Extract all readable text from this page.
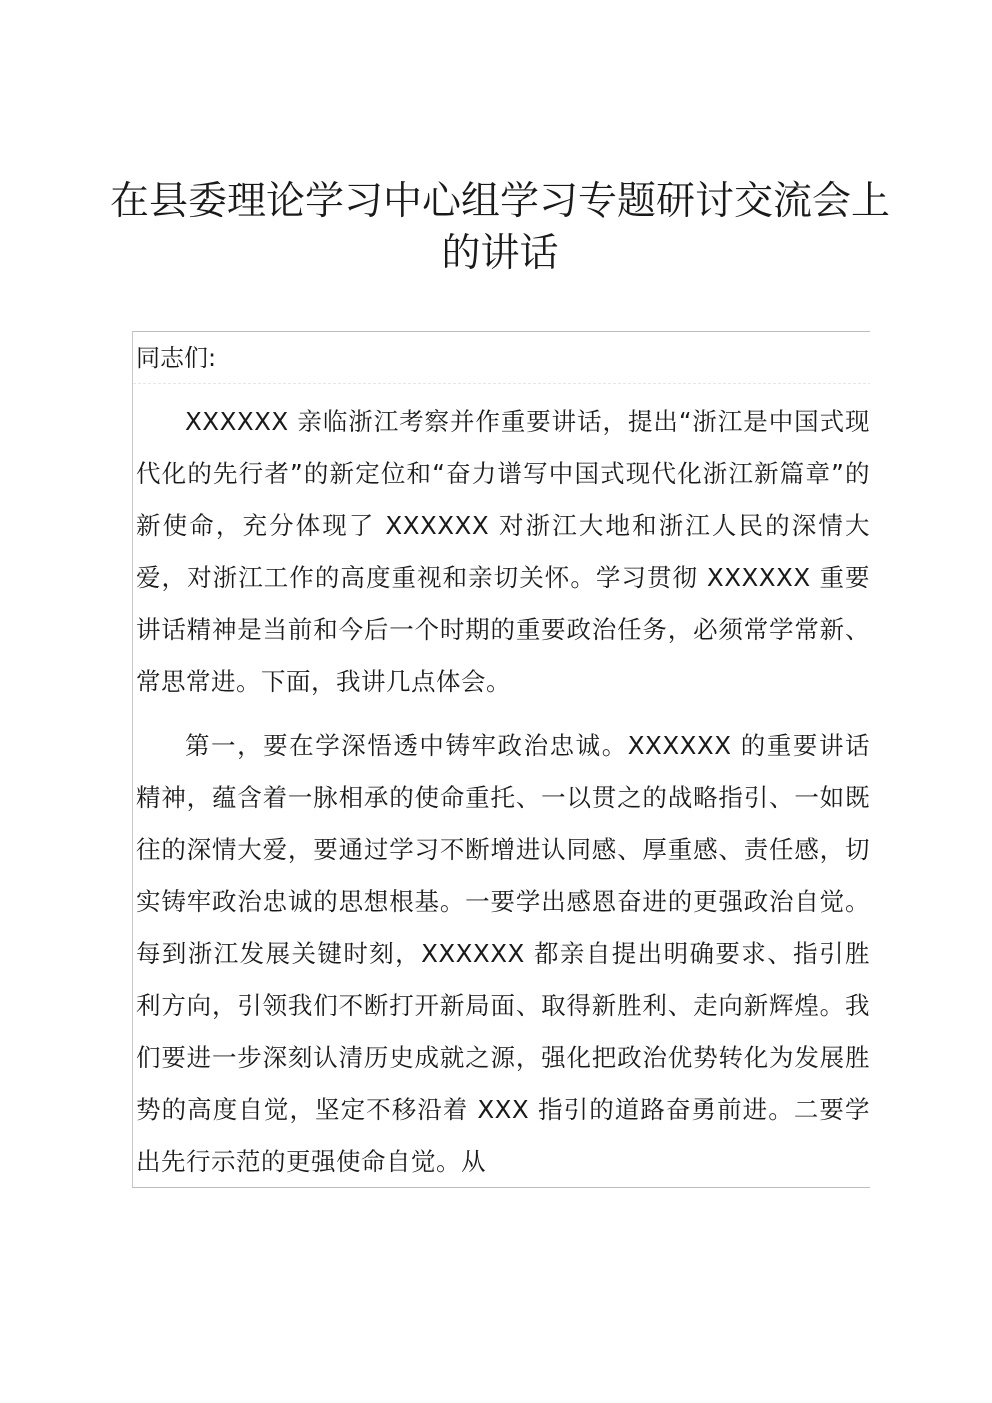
在县委理论学习中心组学习专题研讨交流会上的讲话

同志们:

XXXXXX 亲临浙江考察并作重要讲话，提出“浙江是中国式现代化的先行者”的新定位和“奋力谱写中国式现代化浙江新篇章”的新使命，充分体现了 XXXXXX 对浙江大地和浙江人民的深情大爱，对浙江工作的高度重视和亲切关怀。学习贯彻 XXXXXX 重要讲话精神是当前和今后一个时期的重要政治任务，必须常学常新、常思常进。下面，我讲几点体会。

第一，要在学深悟透中铸牢政治忠诚。XXXXXX 的重要讲话精神，蕴含着一脉相承的使命重托、一以贯之的战略指引、一如既往的深情大爱，要通过学习不断增进认同感、厚重感、责任感，切实铸牢政治忠诚的思想根基。一要学出感恩奋进的更强政治自觉。每到浙江发展关键时刻，XXXXXX 都亲自提出明确要求、指引胜利方向，引领我们不断打开新局面、取得新胜利、走向新辉煌。我们要进一步深刻认清历史成就之源，强化把政治优势转化为发展胜势的高度自觉，坚定不移沿着 XXX 指引的道路奋勇前进。二要学出先行示范的更强使命自觉。从
